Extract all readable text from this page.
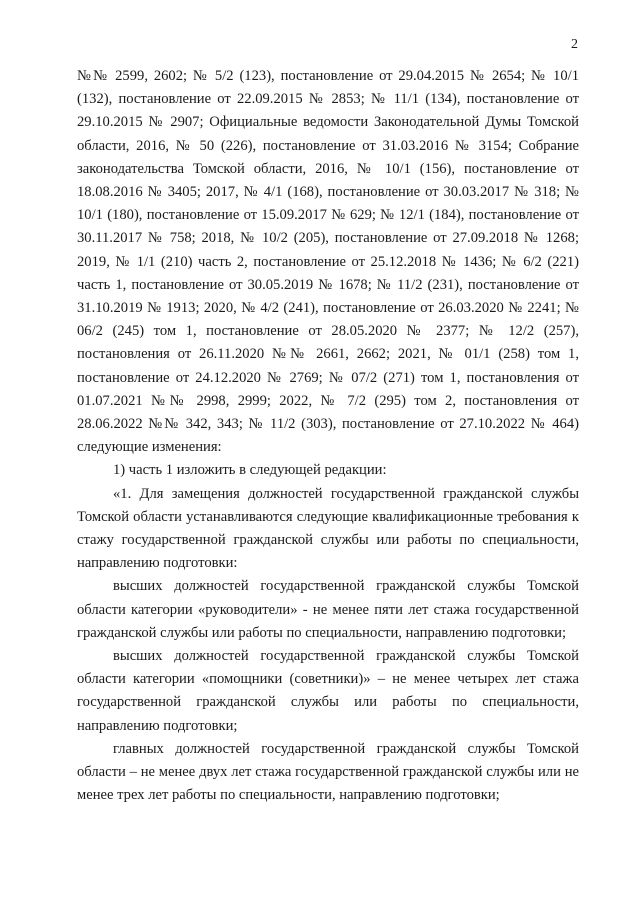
2

№№ 2599, 2602; № 5/2 (123), постановление от 29.04.2015 № 2654; № 10/1 (132), постановление от 22.09.2015 № 2853; № 11/1 (134), постановление от 29.10.2015 № 2907; Официальные ведомости Законодательной Думы Томской области, 2016, № 50 (226), постановление от 31.03.2016 № 3154; Собрание законодательства Томской области, 2016, № 10/1 (156), постановление от 18.08.2016 № 3405; 2017, № 4/1 (168), постановление от 30.03.2017 № 318; № 10/1 (180), постановление от 15.09.2017 № 629; № 12/1 (184), постановление от 30.11.2017 № 758; 2018, № 10/2 (205), постановление от 27.09.2018 № 1268; 2019, № 1/1 (210) часть 2, постановление от 25.12.2018 № 1436; № 6/2 (221) часть 1, постановление от 30.05.2019 № 1678; № 11/2 (231), постановление от 31.10.2019 № 1913; 2020, № 4/2 (241), постановление от 26.03.2020 № 2241; № 06/2 (245) том 1, постановление от 28.05.2020 № 2377; № 12/2 (257), постановления от 26.11.2020 №№ 2661, 2662; 2021, № 01/1 (258) том 1, постановление от 24.12.2020 № 2769; № 07/2 (271) том 1, постановления от 01.07.2021 №№ 2998, 2999; 2022, № 7/2 (295) том 2, постановления от 28.06.2022 №№ 342, 343; № 11/2 (303), постановление от 27.10.2022 № 464) следующие изменения:

1) часть 1 изложить в следующей редакции:

«1. Для замещения должностей государственной гражданской службы Томской области устанавливаются следующие квалификационные требования к стажу государственной гражданской службы или работы по специальности, направлению подготовки:

высших должностей государственной гражданской службы Томской области категории «руководители» - не менее пяти лет стажа государственной гражданской службы или работы по специальности, направлению подготовки;

высших должностей государственной гражданской службы Томской области категории «помощники (советники)» – не менее четырех лет стажа государственной гражданской службы или работы по специальности, направлению подготовки;

главных должностей государственной гражданской службы Томской области – не менее двух лет стажа государственной гражданской службы или не менее трех лет работы по специальности, направлению подготовки;
